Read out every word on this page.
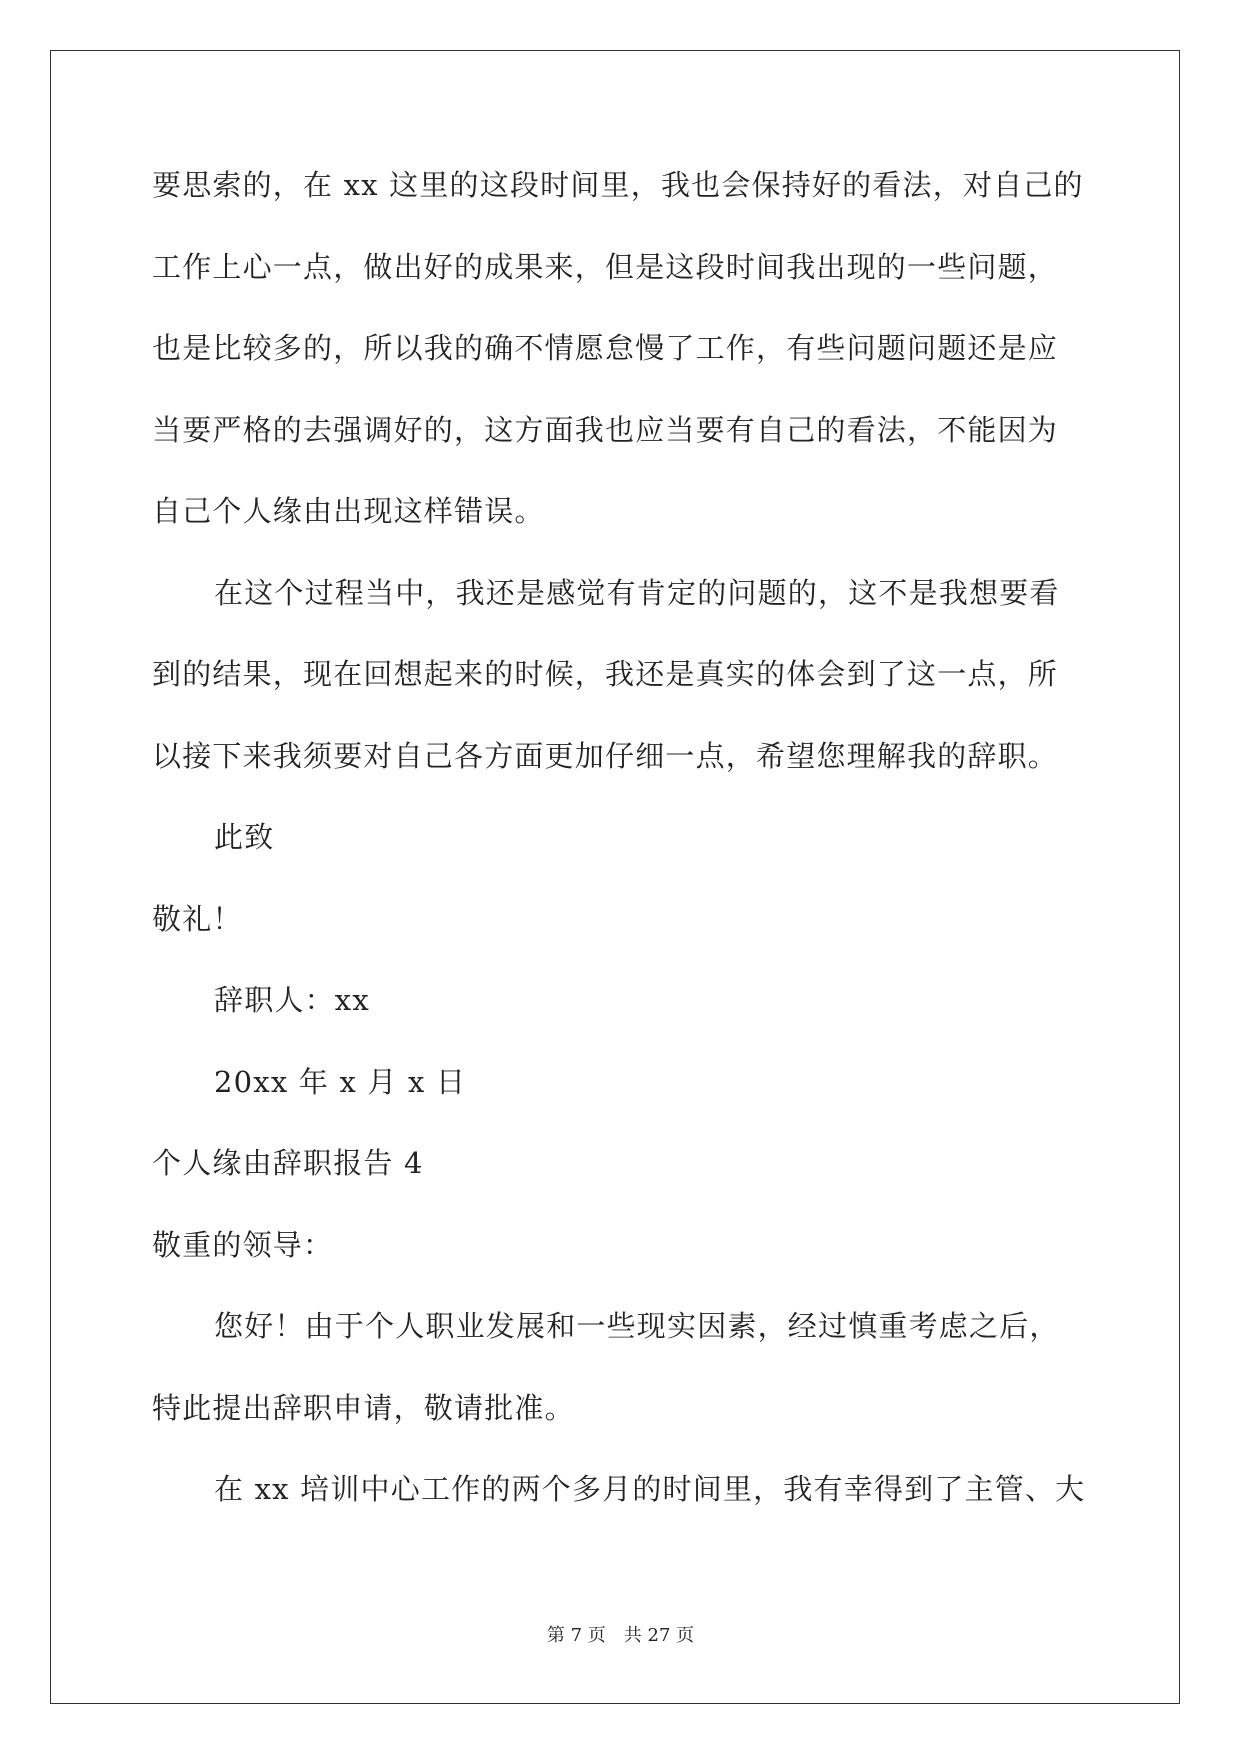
要思索的，在 xx 这里的这段时间里，我也会保持好的看法，对自己的
工作上心一点，做出好的成果来，但是这段时间我出现的一些问题，
也是比较多的，所以我的确不情愿怠慢了工作，有些问题问题还是应
当要严格的去强调好的，这方面我也应当要有自己的看法，不能因为
自己个人缘由出现这样错误。
在这个过程当中，我还是感觉有肯定的问题的，这不是我想要看
到的结果，现在回想起来的时候，我还是真实的体会到了这一点，所
以接下来我须要对自己各方面更加仔细一点，希望您理解我的辞职。
此致
敬礼！
辞职人：xx
20xx 年 x 月 x 日
个人缘由辞职报告 4
敬重的领导：
您好！由于个人职业发展和一些现实因素，经过慎重考虑之后，
特此提出辞职申请，敬请批准。
在 xx 培训中心工作的两个多月的时间里，我有幸得到了主管、大
第 7 页　共 27 页
